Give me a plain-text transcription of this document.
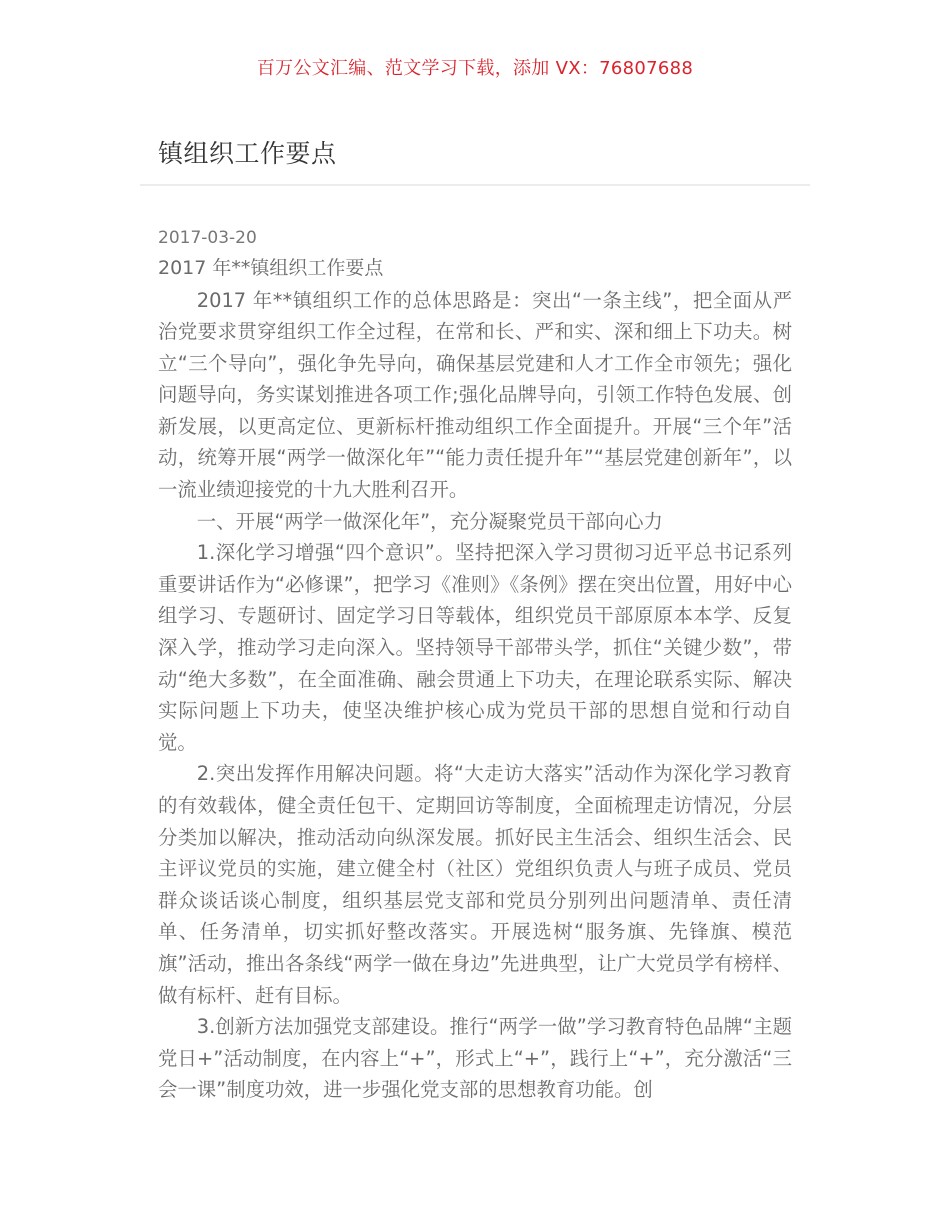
百万公文汇编、范文学习下载，添加 VX：76807688
镇组织工作要点
2017-03-20
2017 年**镇组织工作要点

2017 年**镇组织工作的总体思路是：突出“一条主线”，把全面从严治党要求贯穿组织工作全过程，在常和长、严和实、深和细上下功夫。树立“三个导向”，强化争先导向，确保基层党建和人才工作全市领先；强化问题导向，务实谋划推进各项工作;强化品牌导向，引领工作特色发展、创新发展，以更高定位、更新标杆推动组织工作全面提升。开展“三个年”活动，统筹开展“两学一做深化年”“能力责任提升年”“基层党建创新年”，以一流业绩迎接党的十九大胜利召开。

一、开展“两学一做深化年”，充分凝聚党员干部向心力

1.深化学习增强“四个意识”。坚持把深入学习贯彻习近平总书记系列重要讲话作为“必修课”，把学习《准则》《条例》摆在突出位置，用好中心组学习、专题研讨、固定学习日等载体，组织党员干部原原本本学、反复深入学，推动学习走向深入。坚持领导干部带头学，抓住“关键少数”，带动“绝大多数”，在全面准确、融会贯通上下功夫，在理论联系实际、解决实际问题上下功夫，使坚决维护核心成为党员干部的思想自觉和行动自觉。

2.突出发挥作用解决问题。将“大走访大落实”活动作为深化学习教育的有效载体，健全责任包干、定期回访等制度，全面梳理走访情况，分层分类加以解决，推动活动向纵深发展。抓好民主生活会、组织生活会、民主评议党员的实施，建立健全村（社区）党组织负责人与班子成员、党员群众谈话谈心制度，组织基层党支部和党员分别列出问题清单、责任清单、任务清单，切实抓好整改落实。开展选树“服务旗、先锋旗、模范旗”活动，推出各条线“两学一做在身边”先进典型，让广大党员学有榜样、做有标杆、赶有目标。

3.创新方法加强党支部建设。推行“两学一做”学习教育特色品牌“主题党日+”活动制度，在内容上“+”，形式上“+”，践行上“+”，充分激活“三会一课”制度功效，进一步强化党支部的思想教育功能。创
